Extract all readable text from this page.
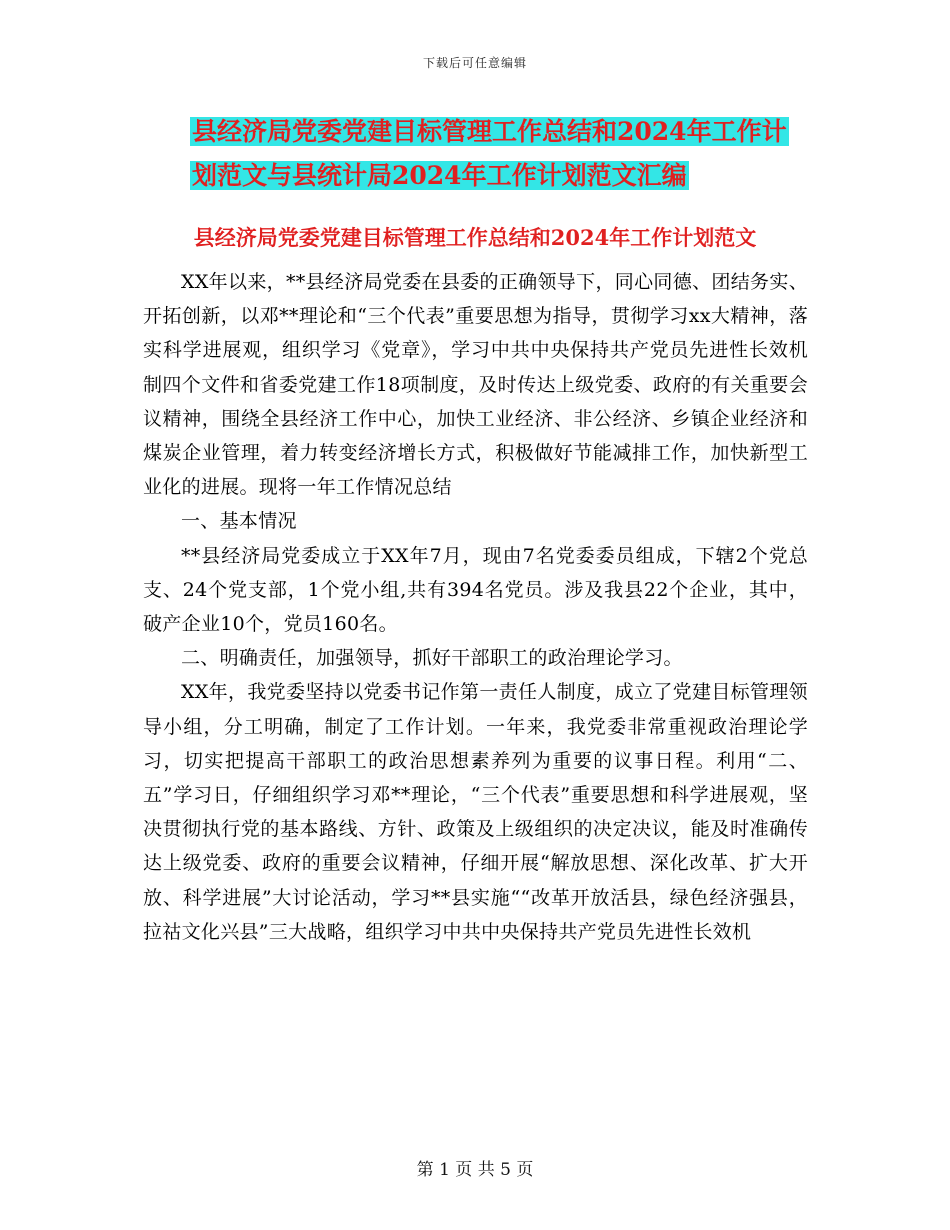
下载后可任意编辑
县经济局党委党建目标管理工作总结和2024年工作计
划范文与县统计局2024年工作计划范文汇编
县经济局党委党建目标管理工作总结和2024年工作计划范文

XX年以来，**县经济局党委在县委的正确领导下，同心同德、团结务实、开拓创新，以邓**理论和“三个代表”重要思想为指导，贯彻学习xx大精神，落实科学进展观，组织学习《党章》，学习中共中央保持共产党员先进性长效机制四个文件和省委党建工作18项制度，及时传达上级党委、政府的有关重要会议精神，围绕全县经济工作中心，加快工业经济、非公经济、乡镇企业经济和煤炭企业管理，着力转变经济增长方式，积极做好节能减排工作，加快新型工业化的进展。现将一年工作情况总结

一、基本情况

**县经济局党委成立于XX年7月，现由7名党委委员组成，下辖2个党总支、24个党支部，1个党小组,共有394名党员。涉及我县22个企业，其中，破产企业10个，党员160名。

二、明确责任，加强领导，抓好干部职工的政治理论学习。

XX年，我党委坚持以党委书记作第一责任人制度，成立了党建目标管理领导小组，分工明确，制定了工作计划。一年来，我党委非常重视政治理论学习，切实把提高干部职工的政治思想素养列为重要的议事日程。利用“二、五”学习日，仔细组织学习邓**理论，“三个代表”重要思想和科学进展观，坚决贯彻执行党的基本路线、方针、政策及上级组织的决定决议，能及时准确传达上级党委、政府的重要会议精神，仔细开展“解放思想、深化改革、扩大开放、科学进展”大讨论活动，学习**县实施““改革开放活县，绿色经济强县，拉祜文化兴县”三大战略，组织学习中共中央保持共产党员先进性长效机

第 1 页 共 5 页
